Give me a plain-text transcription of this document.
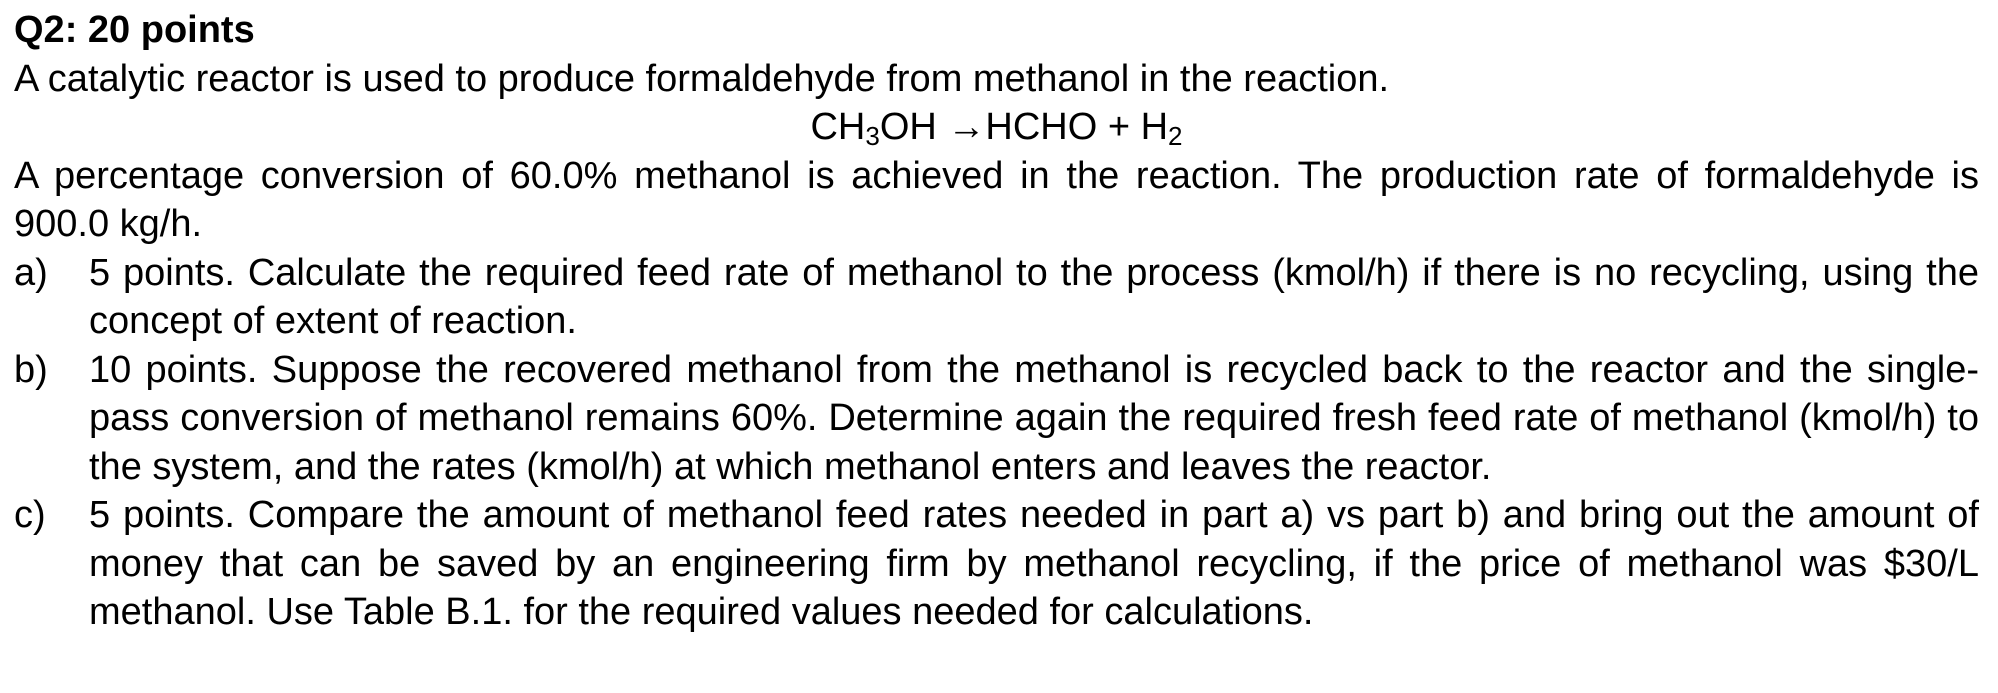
Q2: 20 points
A catalytic reactor is used to produce formaldehyde from methanol in the reaction.
CH3OH →HCHO + H2
A percentage conversion of 60.0% methanol is achieved in the reaction. The production rate of formaldehyde is 900.0 kg/h.
a)	5 points. Calculate the required feed rate of methanol to the process (kmol/h) if there is no recycling, using the concept of extent of reaction.
b)	10 points. Suppose the recovered methanol from the methanol is recycled back to the reactor and the single-pass conversion of methanol remains 60%. Determine again the required fresh feed rate of methanol (kmol/h) to the system, and the rates (kmol/h) at which methanol enters and leaves the reactor.
c)	5 points. Compare the amount of methanol feed rates needed in part a) vs part b) and bring out the amount of money that can be saved by an engineering firm by methanol recycling, if the price of methanol was $30/L methanol. Use Table B.1. for the required values needed for calculations.
